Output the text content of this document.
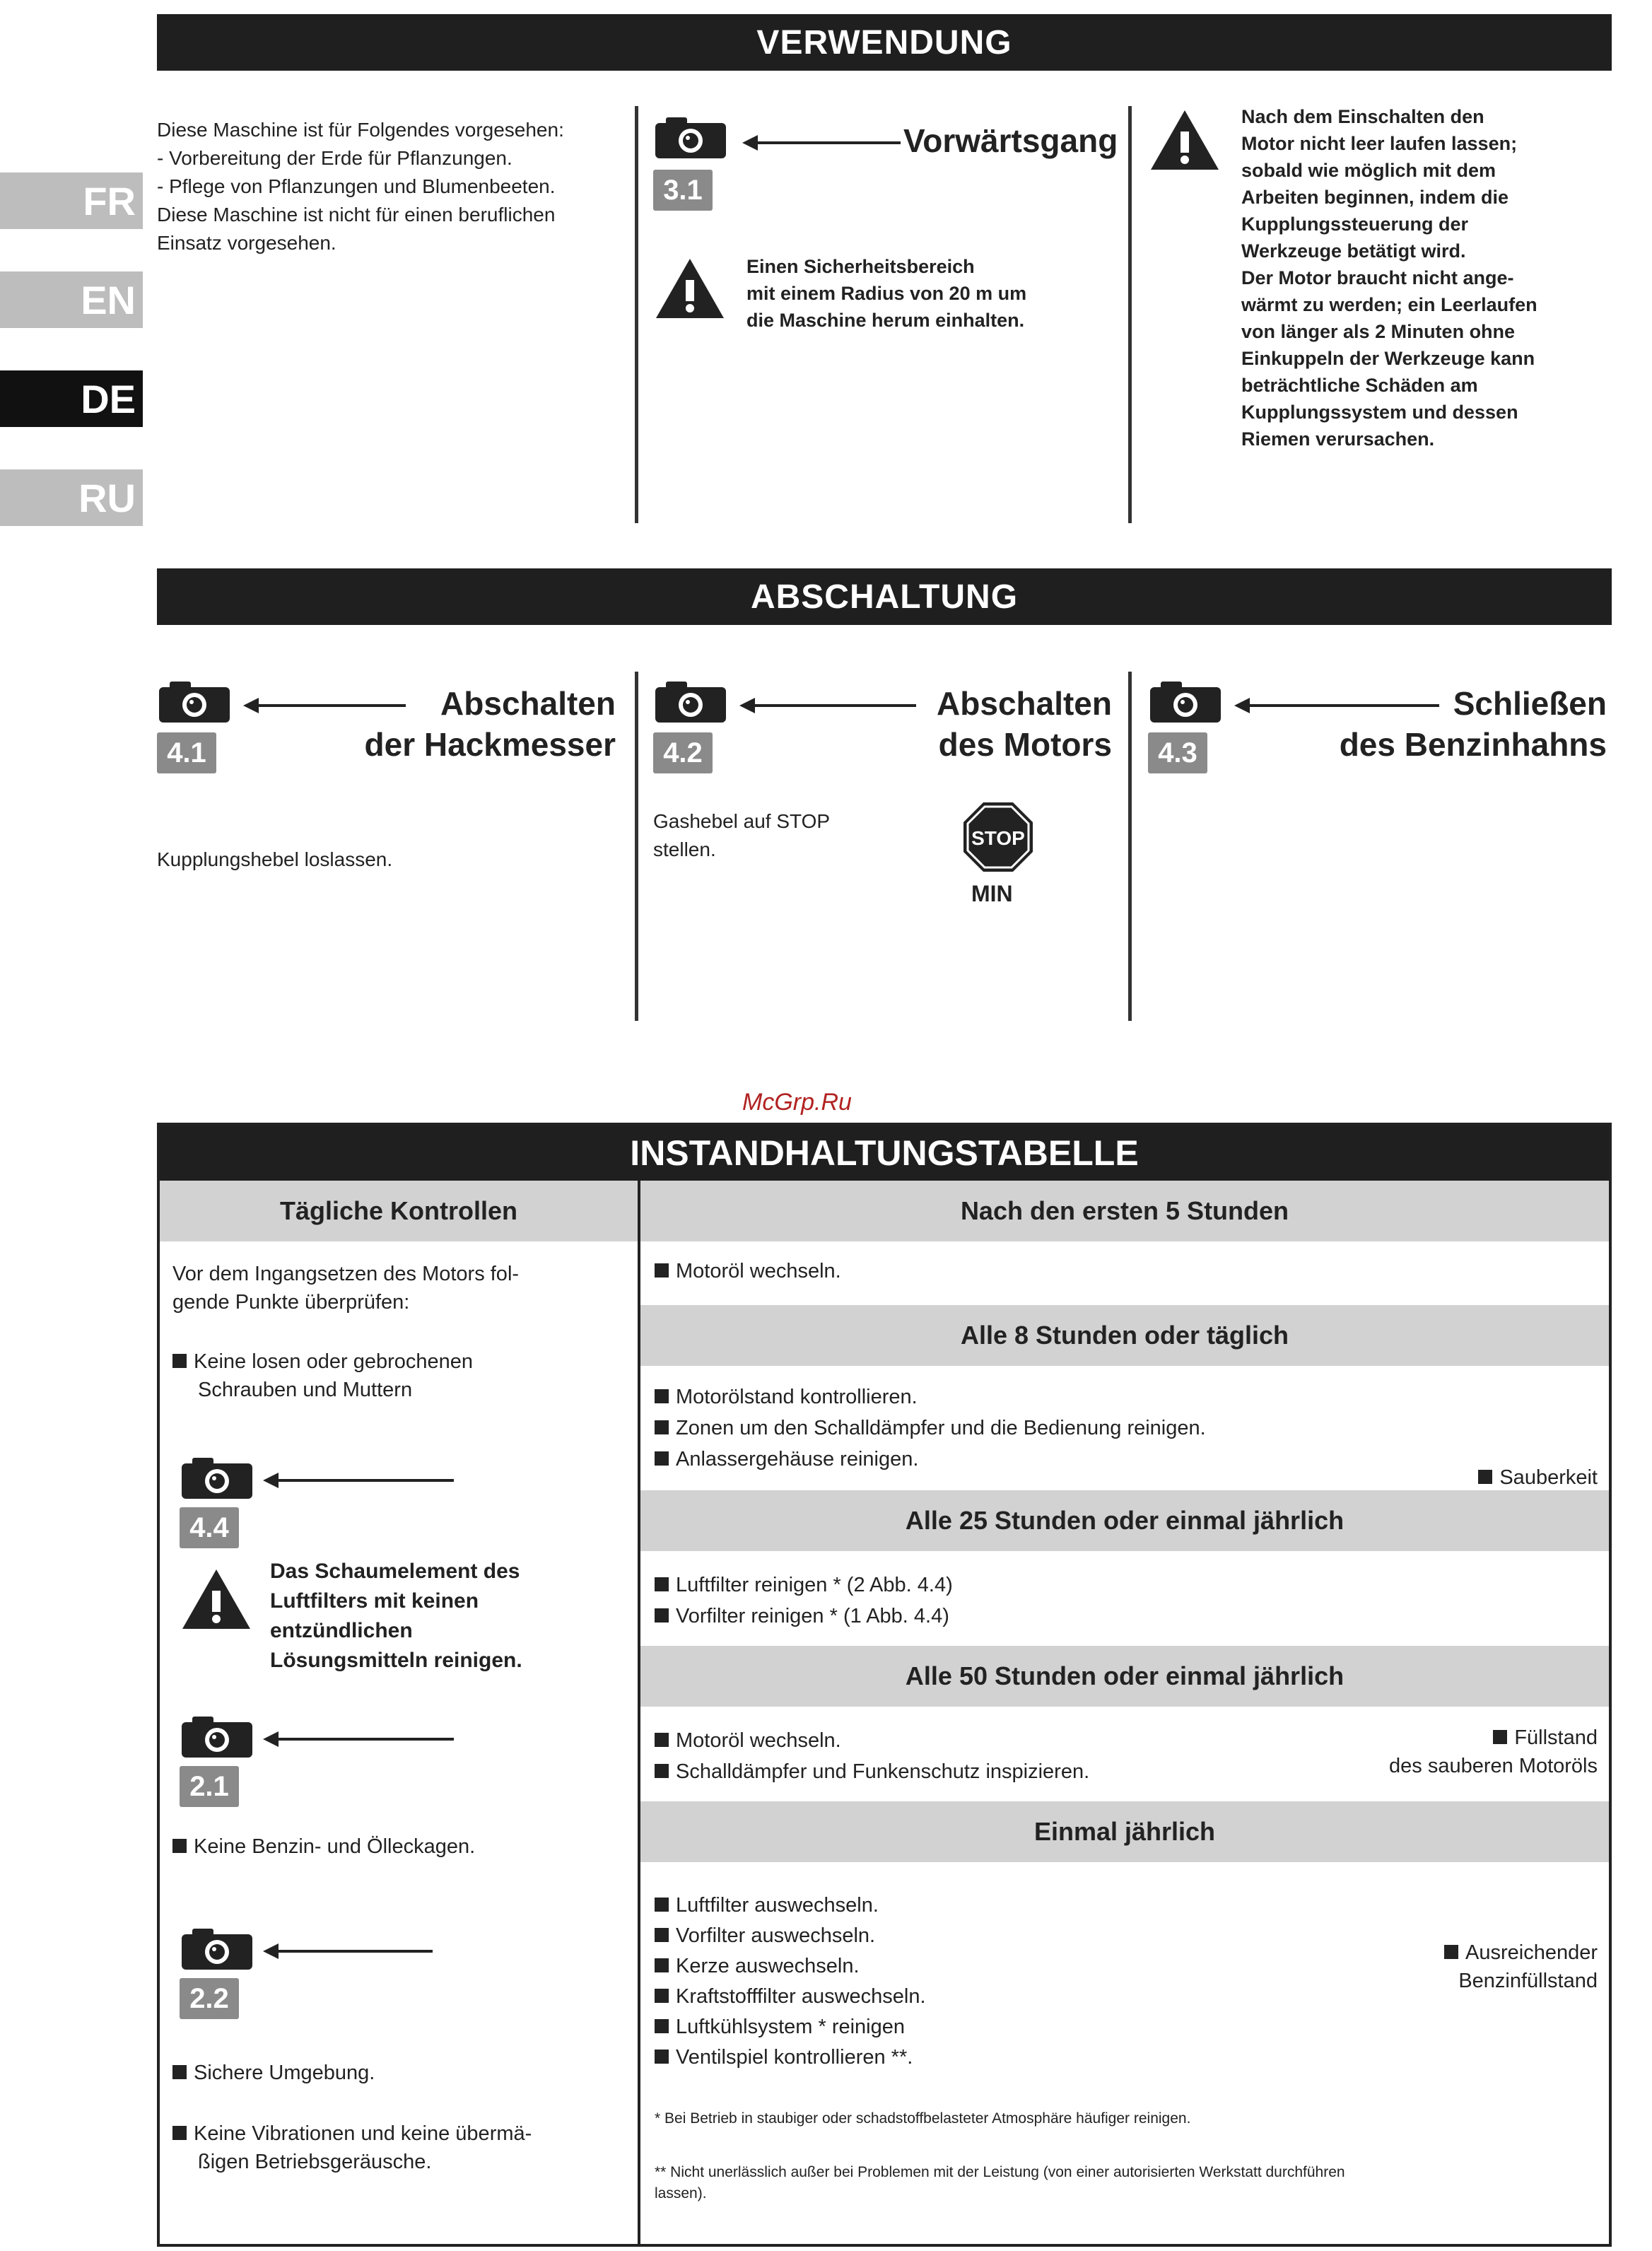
FR
EN
DE
RU
VERWENDUNG
Diese Maschine ist für Folgendes vorgesehen:
- Vorbereitung der Erde für Pflanzungen.
- Pflege von Pflanzungen und Blumenbeeten.
Diese Maschine ist nicht für einen beruflichen
Einsatz vorgesehen.
3.1
Vorwärtsgang
Einen Sicherheitsbereich
mit einem Radius von 20 m um
die Maschine herum einhalten.
Nach dem Einschalten den
Motor nicht leer laufen lassen;
sobald wie möglich mit dem
Arbeiten beginnen, indem die
Kupplungssteuerung der
Werkzeuge betätigt wird.
Der Motor braucht nicht ange-
wärmt zu werden; ein Leerlaufen
von länger als 2 Minuten ohne
Einkuppeln der Werkzeuge kann
beträchtliche Schäden am
Kupplungssystem und dessen
Riemen verursachen.
ABSCHALTUNG
4.1
Abschalten
der Hackmesser
Kupplungshebel loslassen.
4.2
Abschalten
des Motors
Gashebel auf STOP
stellen.
STOP
MIN
4.3
Schließen
des Benzinhahns
McGrp.Ru
INSTANDHALTUNGSTABELLE
Tägliche Kontrollen
Vor dem Ingangsetzen des Motors fol-
gende Punkte überprüfen:
Keine losen oder gebrochenen
Schrauben und Muttern
4.4
Sauberkeit
Das Schaumelement des
Luftfilters mit keinen
entzündlichen
Lösungsmitteln reinigen.
2.1
Füllstand
des sauberen Motoröls
Keine Benzin- und Ölleckagen.
2.2
Ausreichender
Benzinfüllstand
Sichere Umgebung.
Keine Vibrationen und keine übermä-
ßigen Betriebsgeräusche.
Nach den ersten 5 Stunden
Motoröl wechseln.
Alle 8 Stunden oder täglich
Motorölstand kontrollieren.
Zonen um den Schalldämpfer und die Bedienung reinigen.
Anlassergehäuse reinigen.
Alle 25 Stunden oder einmal jährlich
Luftfilter reinigen * (2 Abb. 4.4)
Vorfilter reinigen * (1 Abb. 4.4)
Alle 50 Stunden oder einmal jährlich
Motoröl wechseln.
Schalldämpfer und Funkenschutz inspizieren.
Einmal jährlich
Luftfilter auswechseln.
Vorfilter auswechseln.
Kerze auswechseln.
Kraftstofffilter auswechseln.
Luftkühlsystem * reinigen
Ventilspiel kontrollieren **.
* Bei Betrieb in staubiger oder schadstoffbelasteter Atmosphäre häufiger reinigen.
** Nicht unerlässlich außer bei Problemen mit der Leistung (von einer autorisierten Werkstatt durchführen
lassen).
